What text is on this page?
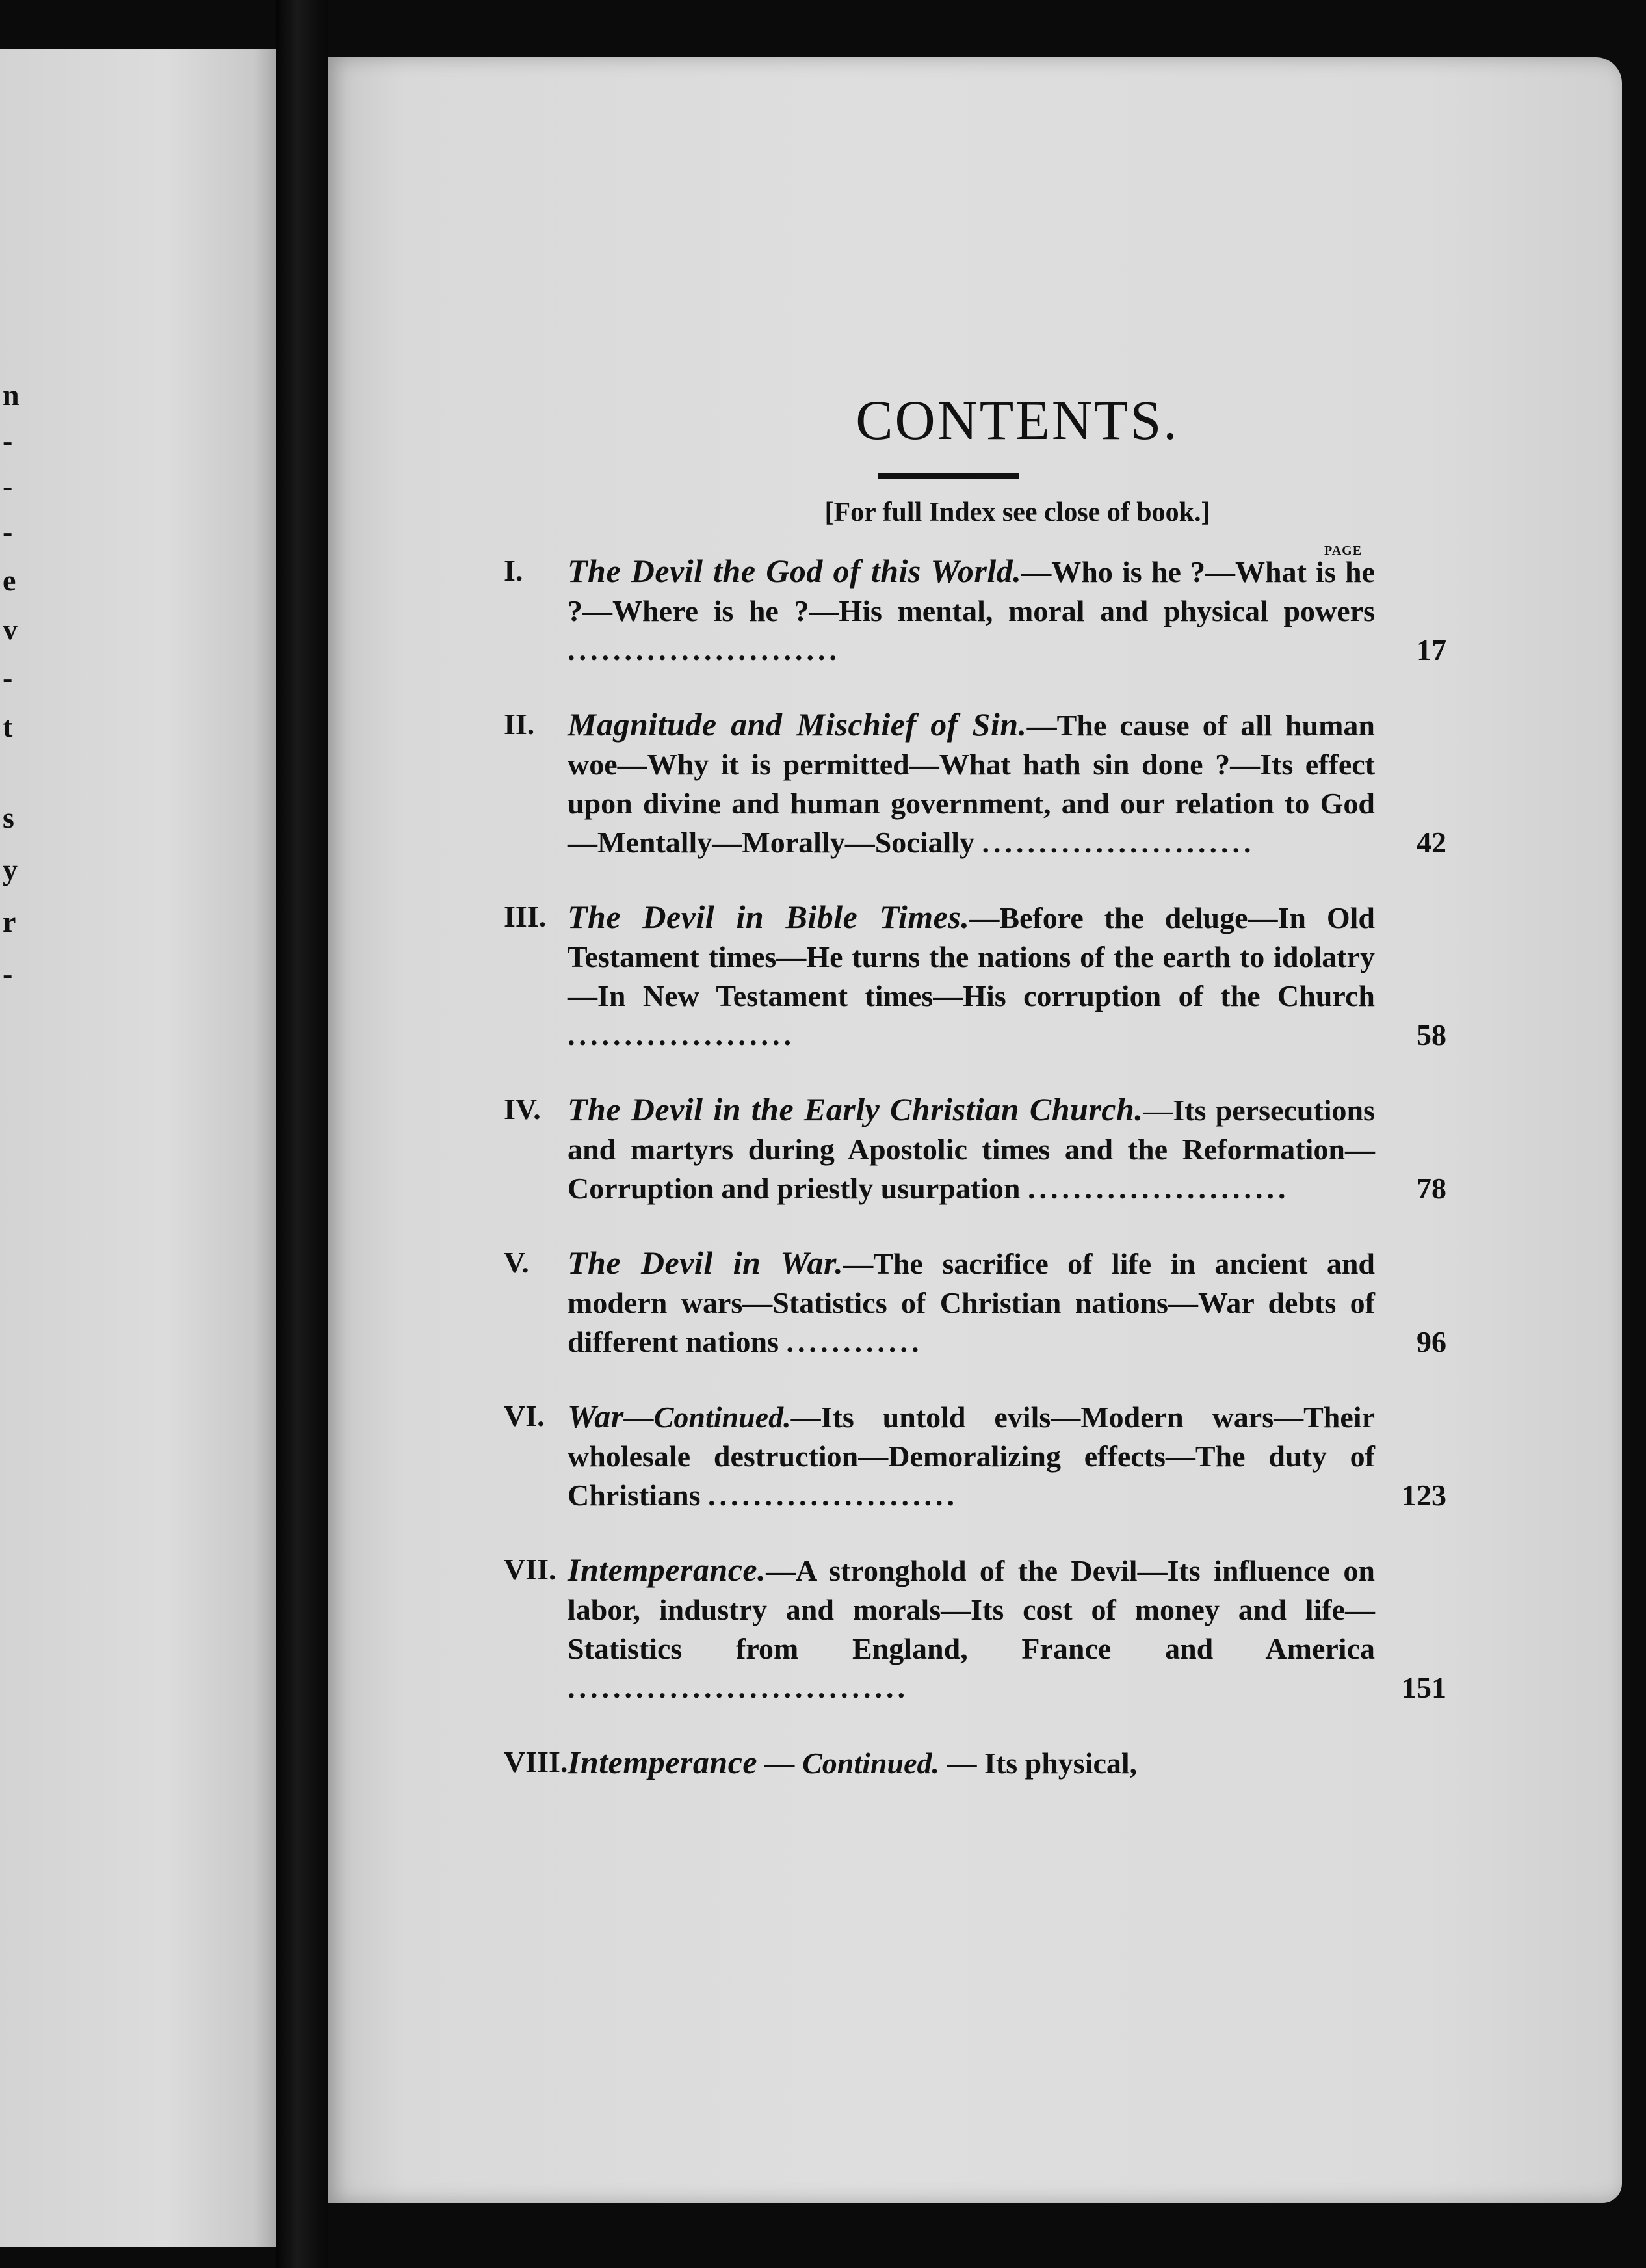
n
-
-
-
e
v
-
t
s
y
r
-
CONTENTS.
[For full Index see close of book.]
PAGE
I.	The Devil the God of this World.—Who is he ?—What is he ?—Where is he ?—His mental, moral and physical powers ........................	17
II.	Magnitude and Mischief of Sin.—The cause of all human woe—Why it is permitted—What hath sin done ?—Its effect upon divine and human government, and our relation to God—Mentally—Morally—Socially ........................	42
III. The Devil in Bible Times.—Before the deluge—In Old Testament times—He turns the nations of the earth to idolatry—In New Testament times—His corruption of the Church ....................	58
IV. The Devil in the Early Christian Church.—Its persecutions and martyrs during Apostolic times and the Reformation—Corruption and priestly usurpation .......................	78
V.	The Devil in War.—The sacrifice of life in ancient and modern wars—Statistics of Christian nations—War debts of different nations ............	96
VI. War—Continued.—Its untold evils—Modern wars—Their wholesale destruction—Demoralizing effects—The duty of Christians ......................	123
VII. Intemperance.—A stronghold of the Devil—Its influence on labor, industry and morals—Its cost of money and life—Statistics from England, France and America ..............................	151
VIII. Intemperance — Continued. — Its physical,
